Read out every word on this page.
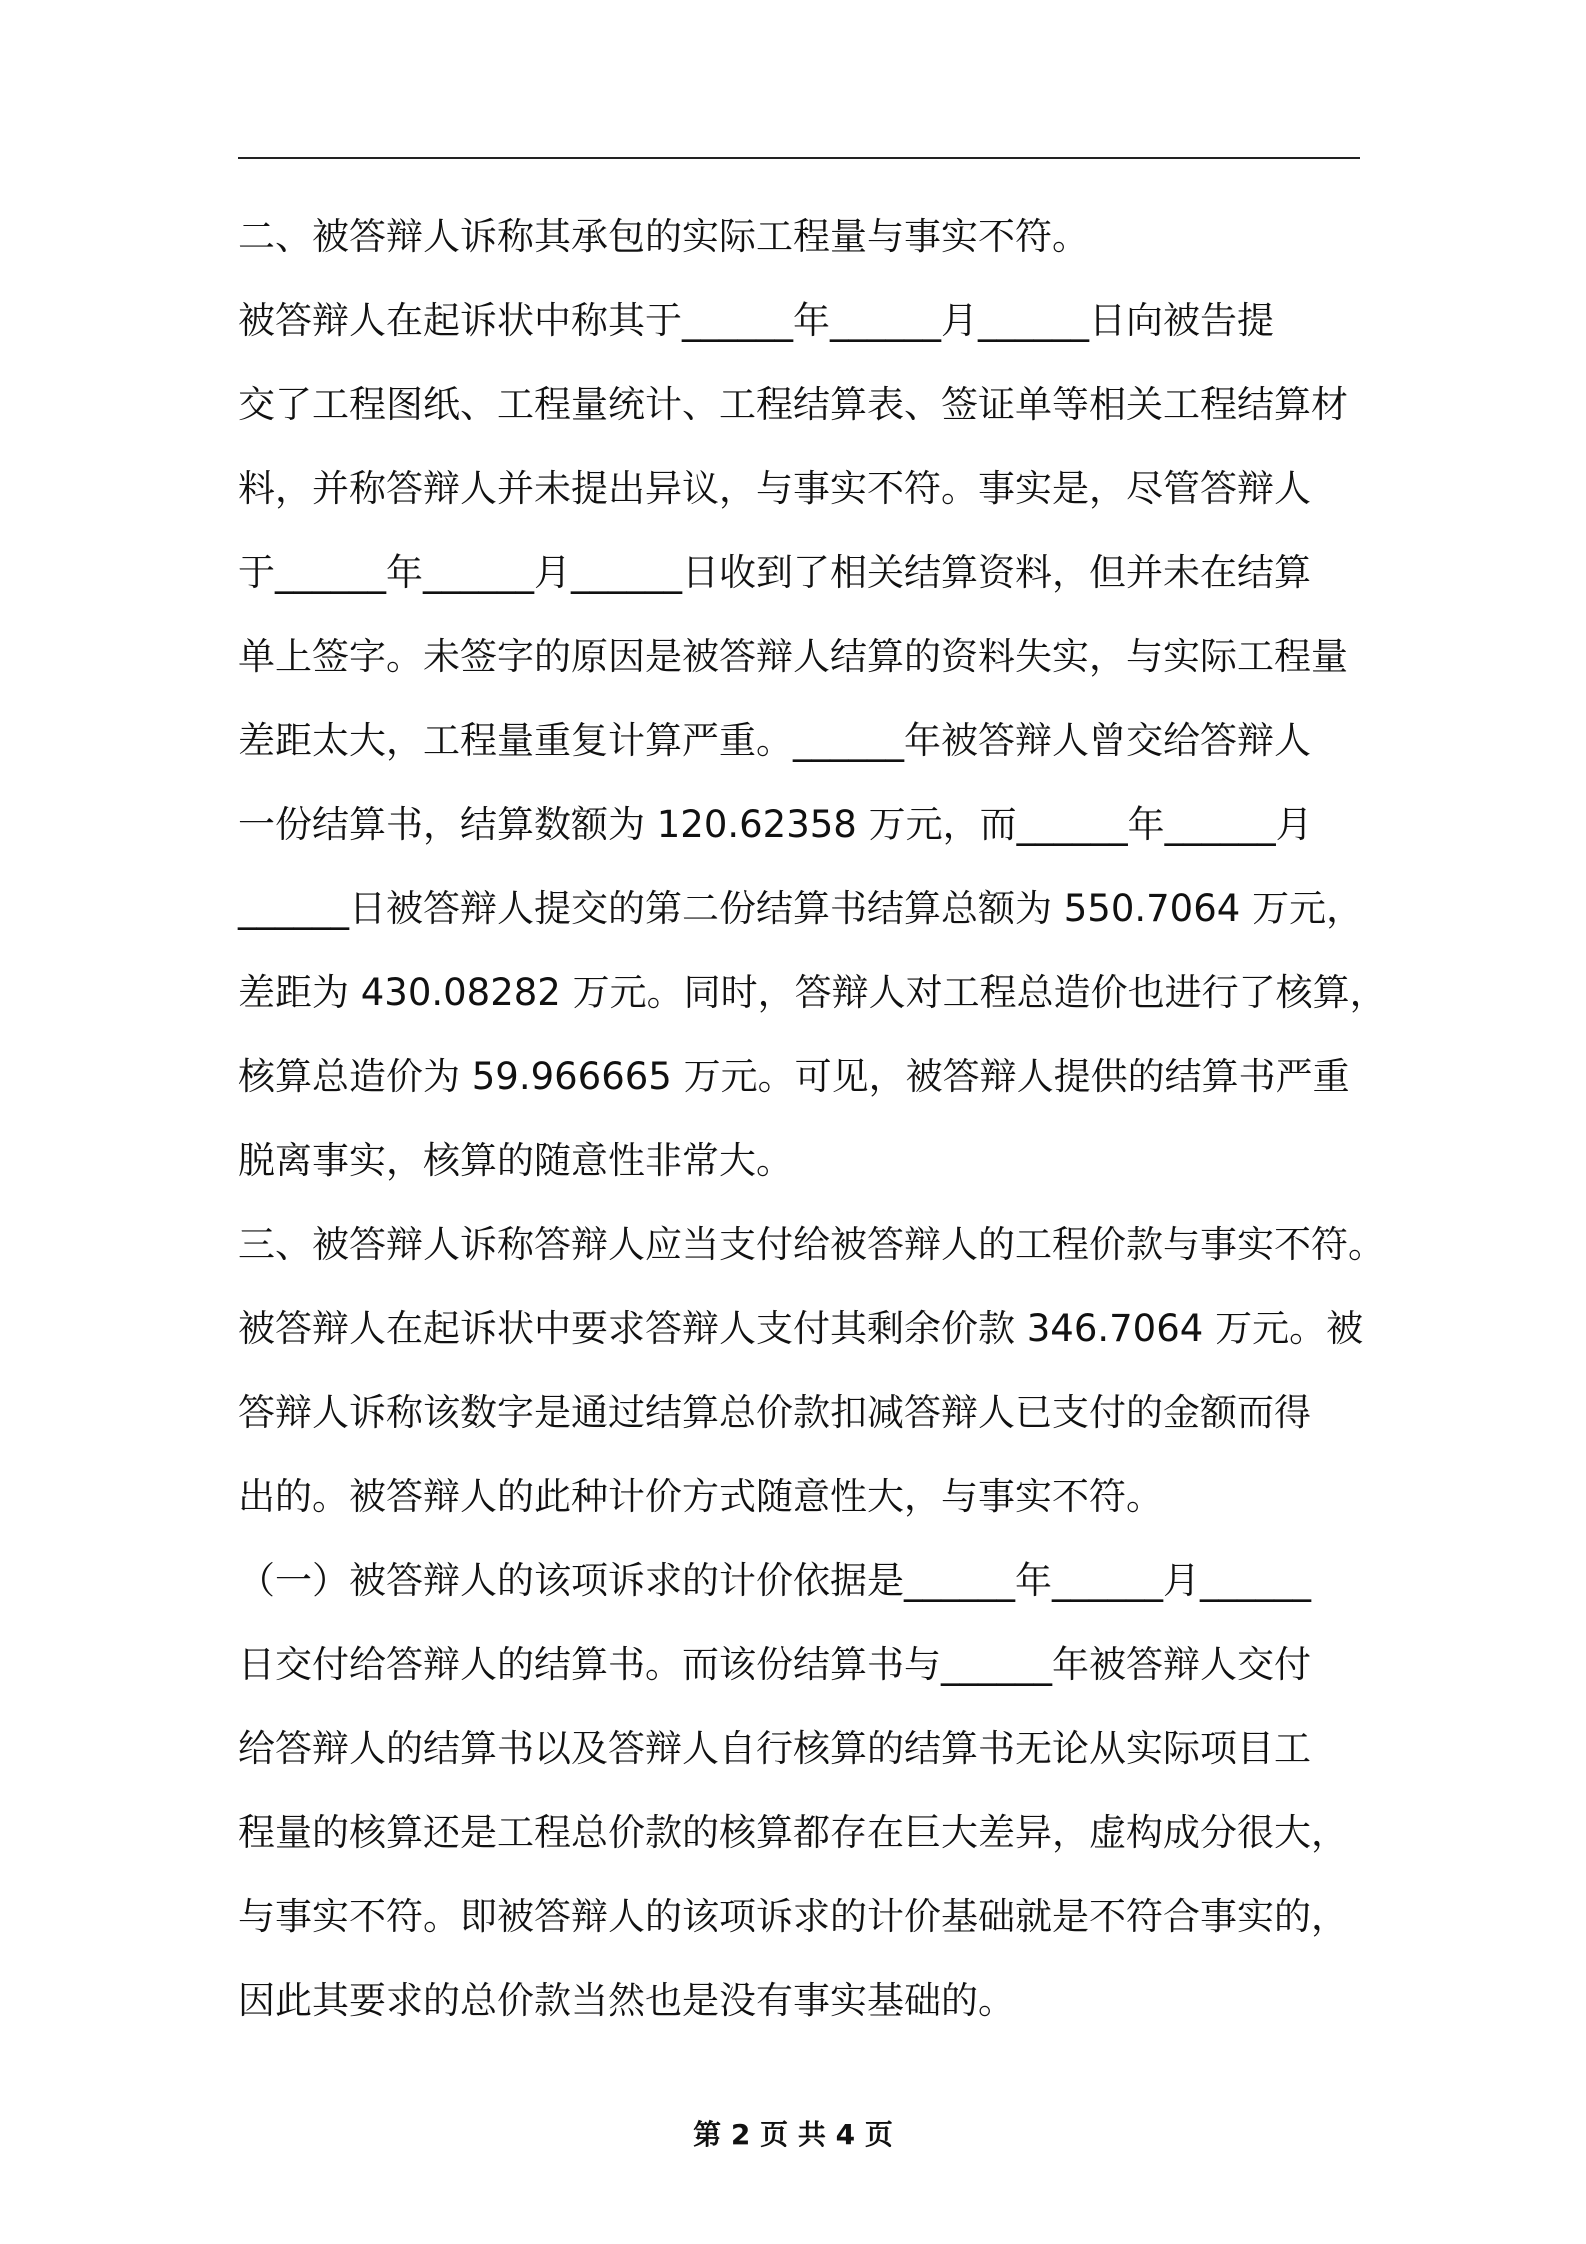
二、被答辩人诉称其承包的实际工程量与事实不符。
被答辩人在起诉状中称其于______年______月______日向被告提
交了工程图纸、工程量统计、工程结算表、签证单等相关工程结算材
料，并称答辩人并未提出异议，与事实不符。事实是，尽管答辩人
于______年______月______日收到了相关结算资料，但并未在结算
单上签字。未签字的原因是被答辩人结算的资料失实，与实际工程量
差距太大，工程量重复计算严重。______年被答辩人曾交给答辩人
一份结算书，结算数额为 120.62358 万元，而______年______月
______日被答辩人提交的第二份结算书结算总额为 550.7064 万元，
差距为 430.08282 万元。同时，答辩人对工程总造价也进行了核算，
核算总造价为 59.966665 万元。可见，被答辩人提供的结算书严重
脱离事实，核算的随意性非常大。
三、被答辩人诉称答辩人应当支付给被答辩人的工程价款与事实不符。
被答辩人在起诉状中要求答辩人支付其剩余价款 346.7064 万元。被
答辩人诉称该数字是通过结算总价款扣减答辩人已支付的金额而得
出的。被答辩人的此种计价方式随意性大，与事实不符。
（一）被答辩人的该项诉求的计价依据是______年______月______
日交付给答辩人的结算书。而该份结算书与______年被答辩人交付
给答辩人的结算书以及答辩人自行核算的结算书无论从实际项目工
程量的核算还是工程总价款的核算都存在巨大差异，虚构成分很大，
与事实不符。即被答辩人的该项诉求的计价基础就是不符合事实的，
因此其要求的总价款当然也是没有事实基础的。
第 2 页 共 4 页
